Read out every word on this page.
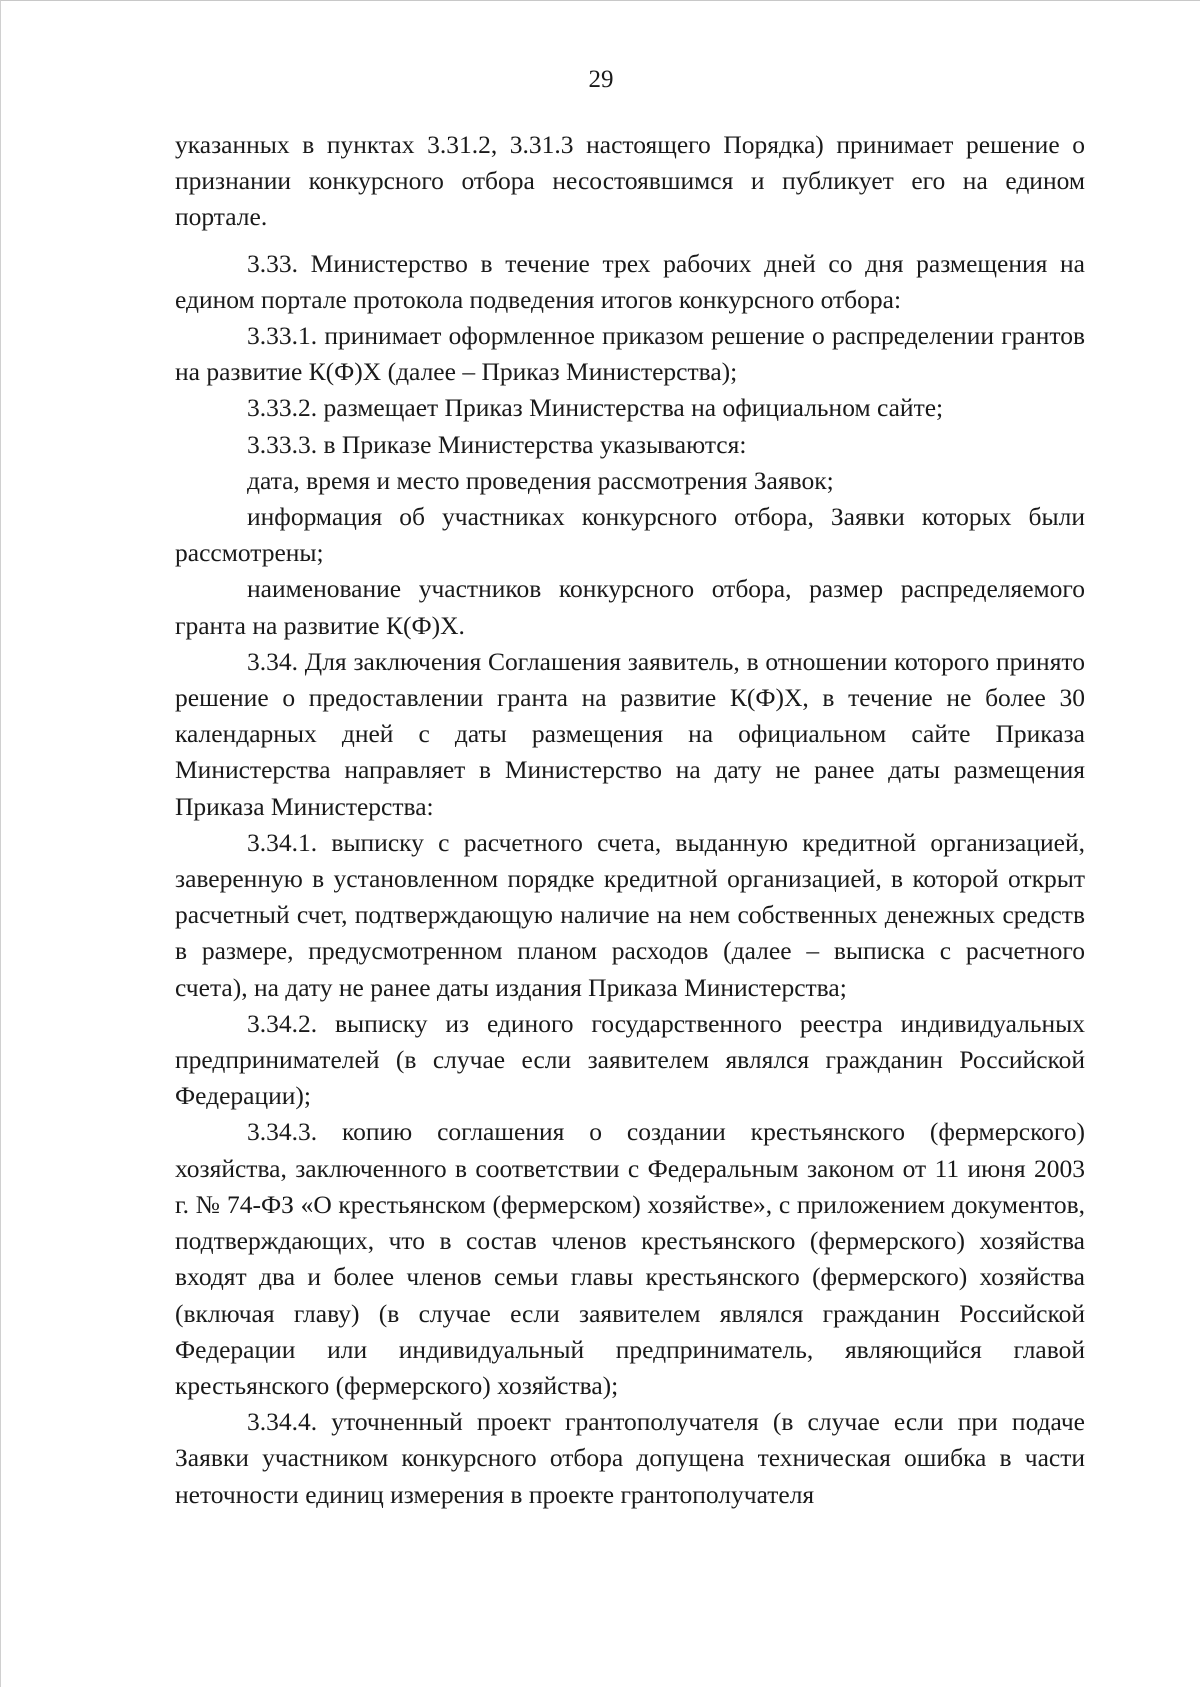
29

указанных в пунктах 3.31.2, 3.31.3 настоящего Порядка) принимает решение о признании конкурсного отбора несостоявшимся и публикует его на едином портале.

3.33. Министерство в течение трех рабочих дней со дня размещения на едином портале протокола подведения итогов конкурсного отбора:

3.33.1. принимает оформленное приказом решение о распределении грантов на развитие К(Ф)Х (далее – Приказ Министерства);

3.33.2. размещает Приказ Министерства на официальном сайте;

3.33.3. в Приказе Министерства указываются:

дата, время и место проведения рассмотрения Заявок;

информация об участниках конкурсного отбора, Заявки которых были рассмотрены;

наименование участников конкурсного отбора, размер распределяемого гранта на развитие К(Ф)Х.

3.34. Для заключения Соглашения заявитель, в отношении которого принято решение о предоставлении гранта на развитие К(Ф)Х, в течение не более 30 календарных дней с даты размещения на официальном сайте Приказа Министерства направляет в Министерство на дату не ранее даты размещения Приказа Министерства:

3.34.1. выписку с расчетного счета, выданную кредитной организацией, заверенную в установленном порядке кредитной организацией, в которой открыт расчетный счет, подтверждающую наличие на нем собственных денежных средств в размере, предусмотренном планом расходов (далее – выписка с расчетного счета), на дату не ранее даты издания Приказа Министерства;

3.34.2. выписку из единого государственного реестра индивидуальных предпринимателей (в случае если заявителем являлся гражданин Российской Федерации);

3.34.3. копию соглашения о создании крестьянского (фермерского) хозяйства, заключенного в соответствии с Федеральным законом от 11 июня 2003 г. № 74-ФЗ «О крестьянском (фермерском) хозяйстве», с приложением документов, подтверждающих, что в состав членов крестьянского (фермерского) хозяйства входят два и более членов семьи главы крестьянского (фермерского) хозяйства (включая главу) (в случае если заявителем являлся гражданин Российской Федерации или индивидуальный предприниматель, являющийся главой крестьянского (фермерского) хозяйства);

3.34.4. уточненный проект грантополучателя (в случае если при подаче Заявки участником конкурсного отбора допущена техническая ошибка в части неточности единиц измерения в проекте грантополучателя
